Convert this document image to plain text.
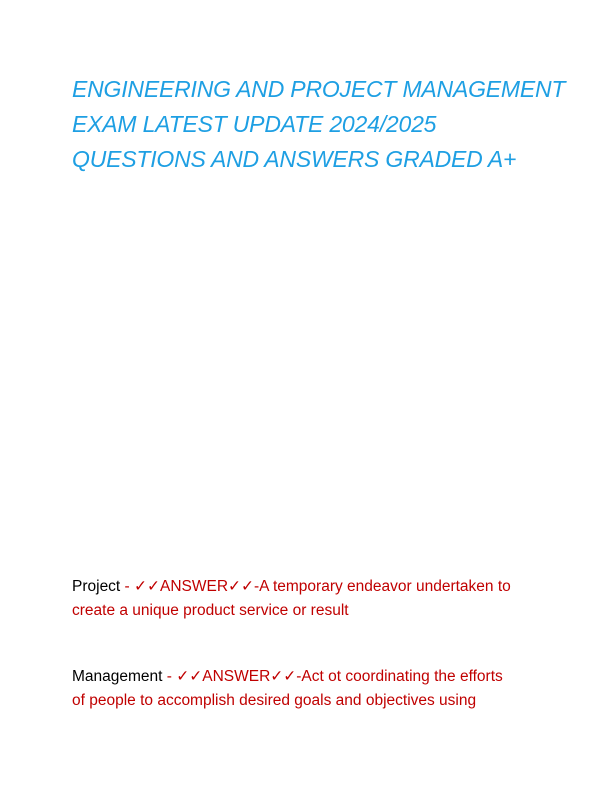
ENGINEERING AND PROJECT MANAGEMENT
EXAM LATEST UPDATE 2024/2025
QUESTIONS AND ANSWERS GRADED A+

Project - ✓✓ANSWER✓✓-A temporary endeavor undertaken to
create a unique product service or result

Management - ✓✓ANSWER✓✓-Act ot coordinating the efforts
of people to accomplish desired goals and objectives using
